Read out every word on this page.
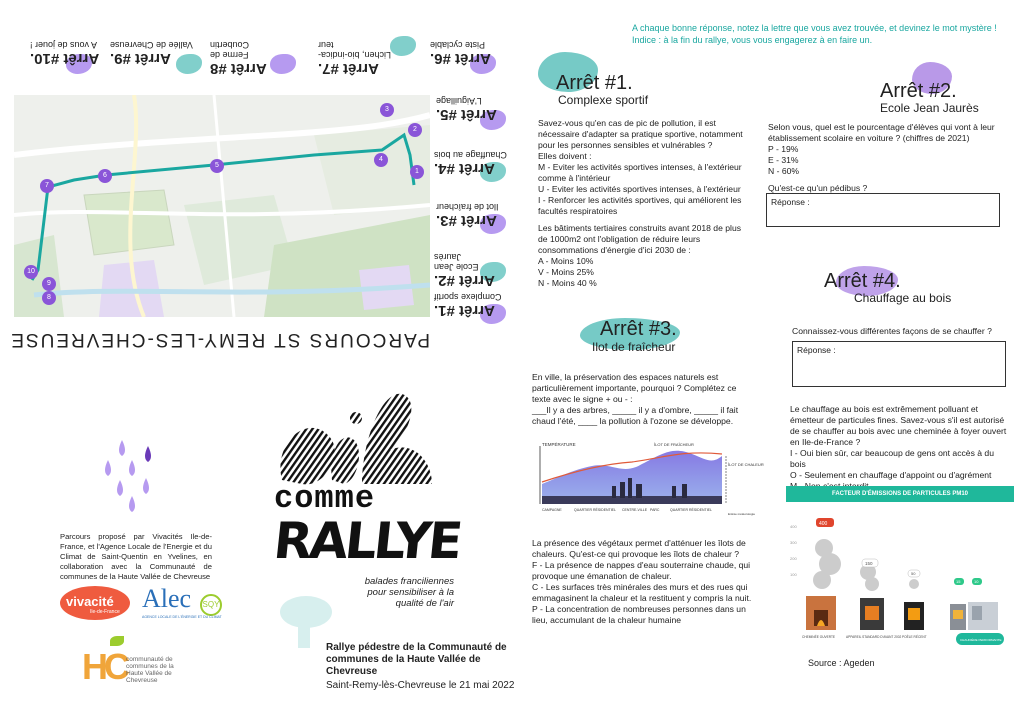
Arrêt #10.
A vous de jouer !
Arrêt #9.
Vallée de Chevreuse
Arrêt #8
Ferme de Coubertin
Arrêt #7.
Lichen, bio-indica-teur
Arrêt #6.
Piste cyclable
Arrêt #5.
L'Aiguillage
Arrêt #4.
Chauffage au bois
Arrêt #3.
Ilot de fraîcheur
Arrêt #2.
Ecole Jean Jaurès
Arrêt #1.
Complexe sportif
10
9
8
7
6
5
4
3
2
1
PARCOURS ST REMY-LES-CHEVREUSE
A chaque bonne réponse, notez la lettre que vous avez trouvée, et devinez le mot mystère !
Indice : à la fin du rallye, vous vous engagerez à en faire un.
Arrêt #1.
Complexe sportif

Savez-vous qu'en cas de pic de pollution, il est nécessaire d'adapter sa pratique sportive, notamment pour les personnes sensibles et vulnérables ?
Elles doivent :
M - Eviter les activités sportives intenses, à l'extérieur comme à l'intérieur
U - Eviter les activités sportives intenses, à l'extérieur
I - Renforcer les activités sportives, qui améliorent les facultés respiratoires

Les bâtiments tertiaires construits avant 2018 de plus de 1000m2 ont l'obligation de réduire leurs consommations d'énergie d'ici 2030 de :
A - Moins 10%
V - Moins 25%
N - Moins 40 %

Arrêt #2.
Ecole Jean Jaurès

Selon vous, quel est le pourcentage d'élèves qui vont à leur établissement scolaire en voiture ? (chiffres de 2021)
P - 19%
E - 31%
N - 60%

Qu'est-ce qu'un pédibus ?

Réponse :
Arrêt #3.
Ilot de fraîcheur

En ville, la préservation des espaces naturels est particulièrement importante, pourquoi ? Complétez ce texte avec le signe + ou - :
___Il y a des arbres, _____ il y a d'ombre, _____ il fait chaud l'été, ____ la pollution à l'ozone se développe.

TEMPÉRATURE	ÎLOT DE FRAÎCHEUR
ÎLOT DE CHALEUR
CAMPAGNE	QUARTIER RÉSIDENTIEL CENTRE-VILLE PARC	QUARTIER RÉSIDENTIEL
Entrée météorologie

La présence des végétaux permet d'atténuer les îlots de chaleurs. Qu'est-ce qui provoque les îlots de chaleur ?
F - La présence de nappes d'eau souterraine chaude, qui provoque une émanation de chaleur.
C - Les surfaces très minérales des murs et des rues qui emmagasinent la chaleur et la restituent y compris la nuit.
P - La concentration de nombreuses personnes dans un lieu, accumulant de la chaleur humaine

Arrêt #4.
Chauffage au bois
Connaissez-vous différentes façons de se chauffer ?
Réponse :

Le chauffage au bois est extrêmement polluant et émetteur de particules fines. Savez-vous s'il est autorisé de se chauffer au bois avec une cheminée à foyer ouvert en Ile-de-France ?
I - Oui bien sûr, car beaucoup de gens ont accès à du bois
O - Seulement en chauffage d'appoint ou d'agrément

FACTEUR D'ÉMISSIONS DE PARTICULES PM10
400
300
200
100
400
150
50
15	10
CHEMINÉE OUVERTE	APPAREIL STANDARD D'AVANT 2002 POÊLE RÉCENT
CHAUDIÈRE PERFORMANTE
Source : Ageden
Parcours proposé par Vivacités Ile-de-France, et l'Agence Locale de l'Energie et du Climat de Saint-Quentin en Yvelines, en collaboration avec la Communauté de communes de la Haute Vallée de Chevreuse
vivacité
Ile-de-France Alec	SQY
AGENCE LOCALE DE L'ÉNERGIE ET DU CLIMAT
HC communauté de communes de la Haute Vallée de Chevreuse
comme
RALLYE
balades franciliennes pour sensibiliser à la qualité de l'air
Rallye pédestre de la Communauté de communes de la Haute Vallée de Chevreuse
Saint-Remy-lès-Chevreuse le 21 mai 2022
